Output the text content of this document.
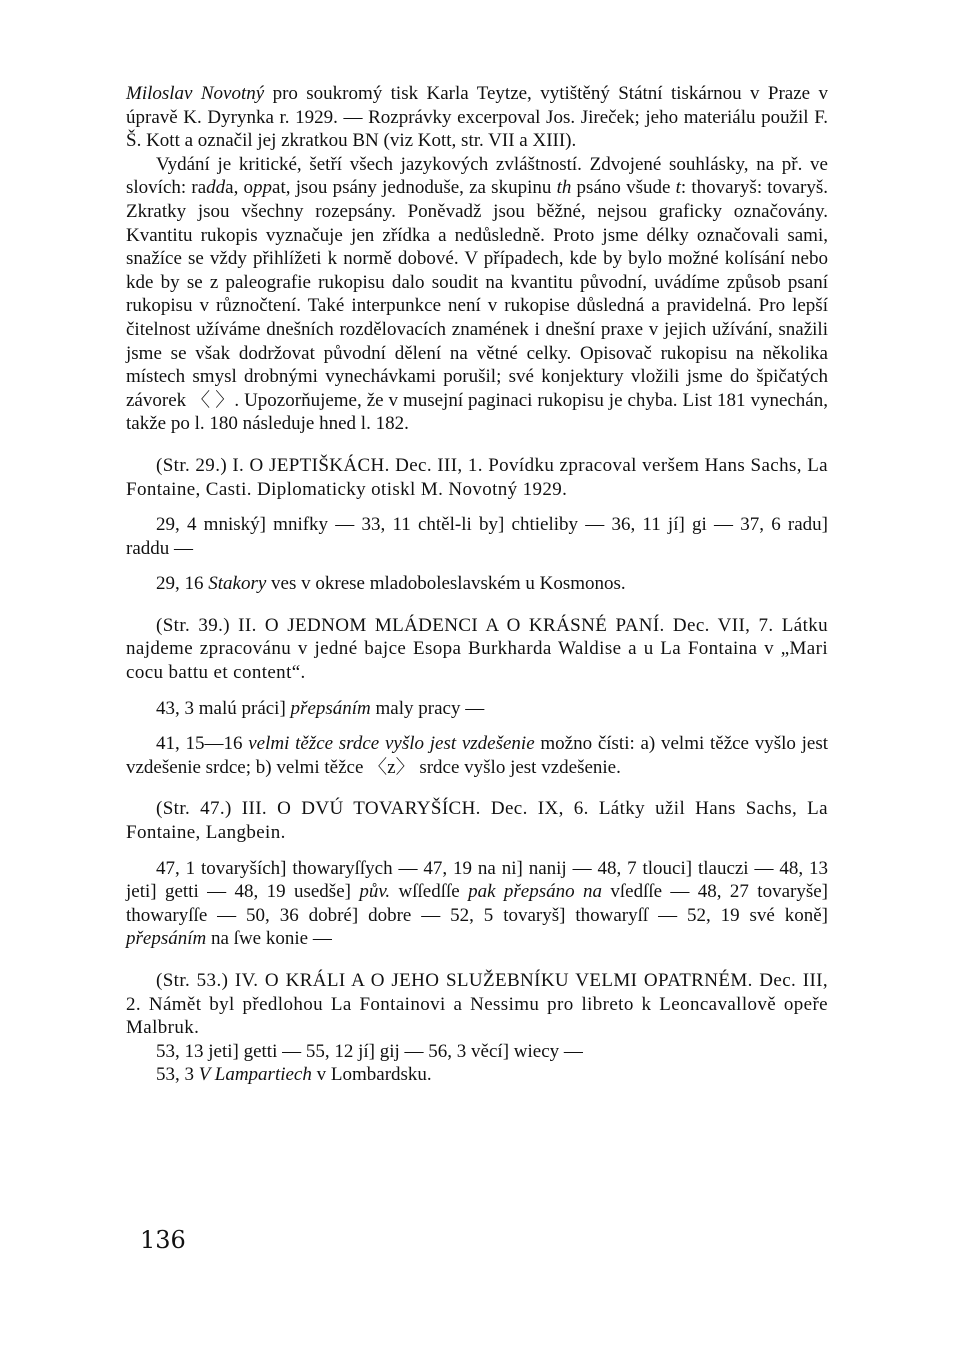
Miloslav Novotný pro soukromý tisk Karla Teytze, vytištěný Státní tiskárnou v Praze v úpravě K. Dyrynka r. 1929. — Rozprávky excerpoval Jos. Jireček; jeho materiálu použil F. Š. Kott a označil jej zkratkou BN (viz Kott, str. VII a XIII).

Vydání je kritické, šetří všech jazykových zvláštností. Zdvojené souhlásky, na př. ve slovích: radda, oppat, jsou psány jednoduše, za skupinu th psáno všude t: thovaryš: tovaryš. Zkratky jsou všechny rozepsány. Poněvadž jsou běžné, nejsou graficky označovány. Kvantitu rukopis vyznačuje jen zřídka a nedůsledně. Proto jsme délky označovali sami, snažíce se vždy přihlížeti k normě dobové. V případech, kde by bylo možné kolísání nebo kde by se z paleografie rukopisu dalo soudit na kvantitu původní, uvádíme způsob psaní rukopisu v různočtení. Také interpunkce není v rukopise důsledná a pravidelná. Pro lepší čitelnost užíváme dnešních rozdělovacích znamének i dnešní praxe v jejich užívání, snažili jsme se však dodržovat původní dělení na větné celky. Opisovač rukopisu na několika místech smysl drobnými vynechávkami porušil; své konjektury vložili jsme do špičatých závorek 〈 〉. Upozorňujeme, že v musejní paginaci rukopisu je chyba. List 181 vynechán, takže po l. 180 následuje hned l. 182.

(Str. 29.) I. O JEPTIŠKÁCH. Dec. III, 1. Povídku zpracoval veršem Hans Sachs, La Fontaine, Casti. Diplomaticky otiskl M. Novotný 1929.

29, 4 mniský] mnifky — 33, 11 chtěl-li by] chtieliby — 36, 11 jí] gi — 37, 6 radu] raddu —

29, 16 Stakory ves v okrese mladoboleslavském u Kosmonos.

(Str. 39.) II. O JEDNOM MLÁDENCI A O KRÁSNÉ PANÍ. Dec. VII, 7. Látku najdeme zpracovánu v jedné bajce Esopa Burkharda Waldise a u La Fontaina v „Mari cocu battu et content“.

43, 3 malú práci] přepsáním maly pracy —

41, 15—16 velmi těžce srdce vyšlo jest vzdešenie možno čísti: a) velmi těžce vyšlo jest vzdešenie srdce; b) velmi těžce 〈z〉 srdce vyšlo jest vzdešenie.

(Str. 47.) III. O DVÚ TOVARYŠÍCH. Dec. IX, 6. Látky užil Hans Sachs, La Fontaine, Langbein.

47, 1 tovaryších] thowaryſſych — 47, 19 na ni] nanij — 48, 7 tlouci] tlauczi — 48, 13 jeti] getti — 48, 19 usedše] pův. wſſedſſe pak přepsáno na vſedſſe — 48, 27 tovaryše] thowaryſſe — 50, 36 dobré] dobre — 52, 5 tovaryš] thowaryſſ — 52, 19 své koně] přepsáním na ſwe konie —

(Str. 53.) IV. O KRÁLI A O JEHO SLUŽEBNÍKU VELMI OPATRNÉM. Dec. III, 2. Námět byl předlohou La Fontainovi a Nessimu pro libreto k Leoncavallově opeře Malbruk.

53, 13 jeti] getti — 55, 12 jí] gij — 56, 3 věcí] wiecy —

53, 3 V Lampartiech v Lombardsku.

136
